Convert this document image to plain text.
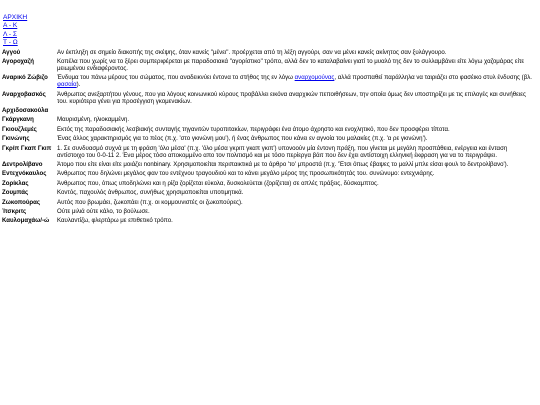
ΑΡΧΙΚΗ
Α - Κ
Λ - Σ
Τ - Ω
Αγγού	Αν έκπληξη σε σημείο διακοπής της σκέψης, όταν κανείς "μένει". προέρχεται από τη λέξη αγγούρι, σαν να μένει κανείς ακίνητος σαν ξυλάγγουρο.
Αγοροχαζή	Κοπέλα που χωρίς να το ξέρει συμπεριφέρεται με παραδοσιακά "αγορίστικο" τρόπο, αλλά δεν το καταλαβαίνει γιατί το μυαλό της δεν το συλλαμβάνει είτε λόγω χαζομάρας είτε μειωμένου ενδιαφέροντος.
Αναρικό Ζώβιζο	Ένδυμα του πάνω μέρους του σώματος, που αναδεικνύει έντονα το στήθος της εν λόγω αναρχομούνας, αλλά προσπαθεί παράλληλα να ταιριάζει στο φασέικο στυλ ένδυσης (βλ. φασαία).
Αναρχοβασκός	Άνθρωπος ανεξαρτήτου γένους, που για λόγους κοινωνικού κύρους προβάλλει εικόνα αναρχικών πεποιθήσεων, την οποία όμως δεν υποστηρίζει με τις επιλογές και συνήθειες του. κυριότερα γένει για προσέγγιση γκομενακίων.
Αρχιδοσακούλα	
Γκάργκανη	Μαυρισμένη, ηλιοκαμμένη.
Γκιουζλεμές	Εκτός της παραδοσιακής λεσβιακής συνταγής τηγανιτών τυροπιτακίων, περιγράφει ένα άτομο άχρηστο και ενοχλητικό, που δεν προσφέρει τίποτα.
Γκινώνης	Ένας άλλος χαρακτηρισμός για το πέος (π.χ. 'στο γκινώνη μου'), ή ένας άνθρωπος που κάνει εν αγνοία του μαλακίες (π.χ. 'α ρε γκινώνη').
Γκρίπ Γκαπ Γκιπ	1. Σε συνδυασμό συχνά με τη φράση 'όλο μέσα' (π.χ. 'όλο μέσα γκριπ γκαπ γκιπ') υπονοούν μία έντονη πράξη, που γίνεται με μεγάλη προσπάθεια, ενέργεια και ένταση αντίστοιχο του 0-0-11 2. Ένα μέρος τόσο αποκομμένο απο τον πολιτισμό και με τόσο περίεργα βάιτ που δεν έχει αντίστοιχη ελληνική έκφραση για να το περιγράψει.
Δεντρολίβανο	Άτομο που είτε είναι είτε μοιάζει nonbinary. Χρησιμοποιείται περιπαικτικά με το άρθρο 'το' μπροστά (π.χ. 'Έτσι όπως έβαψες το μαλλί μπλε είσαι φουλ το δεντρολίβανο').
Εντεχνόκαυλος	Άνθρωπος που δηλώνει μεγάλος φαν του εντέχνου τραγουδιού και το κάνει μεγάλο μέρος της προσωπικότητάς του. συνώνυμο: εντεχνιάρης.
Ζορίκλας	Άνθρωπος που, όπως υποδηλώνει και η ρίζα ζορίζεται εύκολα, δυσκολεύεται (ζορίζεται) σε απλές πράξεις, δύσκαμπτος.
Ζουμπάς	Κοντός, παχουλός άνθρωπος, συνήθως χρησιμοποιείται υποτιμητικά.
Ζωκοπούρας	Αυτός που βρωμάει, ζωκοπάει (π.χ. οι κομμουνιστές οι ζωκοπούρες).
Ίτσκριτς	Ούτε μιλιά ούτε κάλο, το βούλωσε.
Καυλομαχάω/-ώ	Καυλαντίζω, φλερτάρω με επιθετικό τρόπο.
